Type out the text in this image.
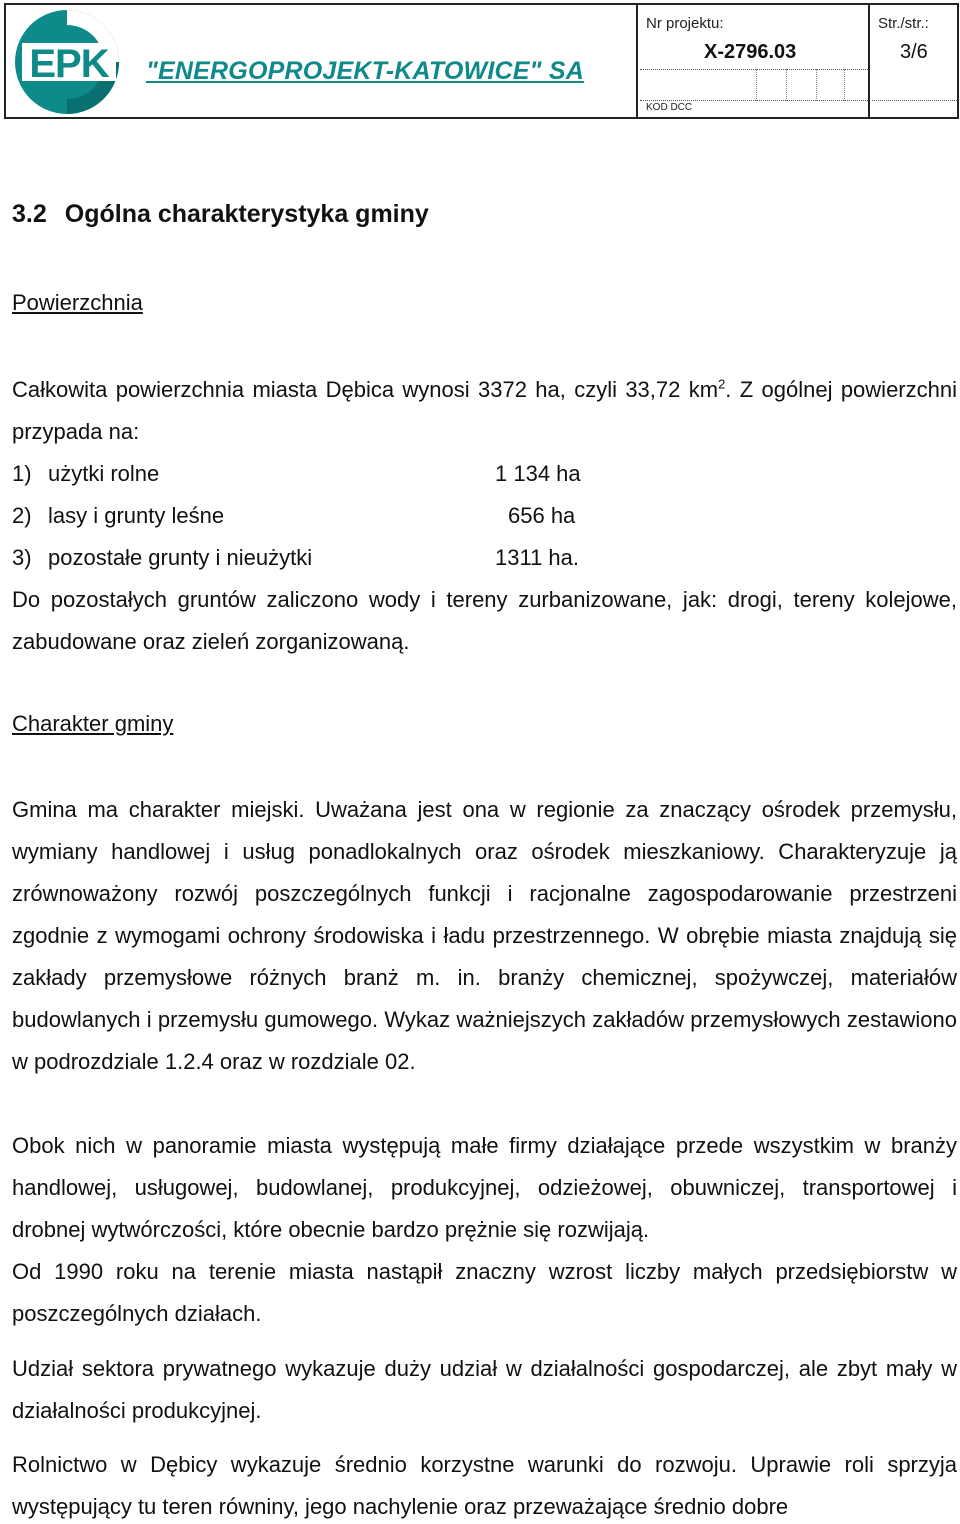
EPK "ENERGOPROJEKT-KATOWICE" SA
Nr projektu:
X-2796.03
KOD DCC
Str./str.:
3/6
3.2 Ogólna charakterystyka gminy
Powierzchnia
Całkowita powierzchnia miasta Dębica wynosi 3372 ha, czyli 33,72 $km^2$. Z ogólnej powierzchni przypada na:
1) użytki rolne	1 134 ha
2) lasy i grunty leśne	656 ha
3) pozostałe grunty i nieużytki	1311 ha.
Do pozostałych gruntów zaliczono wody i tereny zurbanizowane, jak: drogi, tereny kolejowe, zabudowane oraz zieleń zorganizowaną.
Charakter gminy
Gmina ma charakter miejski. Uważana jest ona w regionie za znaczący ośrodek przemysłu, wymiany handlowej i usług ponadlokalnych oraz ośrodek mieszkaniowy. Charakteryzuje ją zrównoważony rozwój poszczególnych funkcji i racjonalne zagospodarowanie przestrzeni zgodnie z wymogami ochrony środowiska i ładu przestrzennego. W obrębie miasta znajdują się zakłady przemysłowe różnych branż m. in. branży chemicznej, spożywczej, materiałów budowlanych i przemysłu gumowego. Wykaz ważniejszych zakładów przemysłowych zestawiono w podrozdziale 1.2.4 oraz w rozdziale 02.
Obok nich w panoramie miasta występują małe firmy działające przede wszystkim w branży handlowej, usługowej, budowlanej, produkcyjnej, odzieżowej, obuwniczej, transportowej i drobnej wytwórczości, które obecnie bardzo prężnie się rozwijają.
Od 1990 roku na terenie miasta nastąpił znaczny wzrost liczby małych przedsiębiorstw w poszczególnych działach.
Udział sektora prywatnego wykazuje duży udział w działalności gospodarczej, ale zbyt mały w działalności produkcyjnej.
Rolnictwo w Dębicy wykazuje średnio korzystne warunki do rozwoju. Uprawie roli sprzyja występujący tu teren równiny, jego nachylenie oraz przeważające średnio dobre
